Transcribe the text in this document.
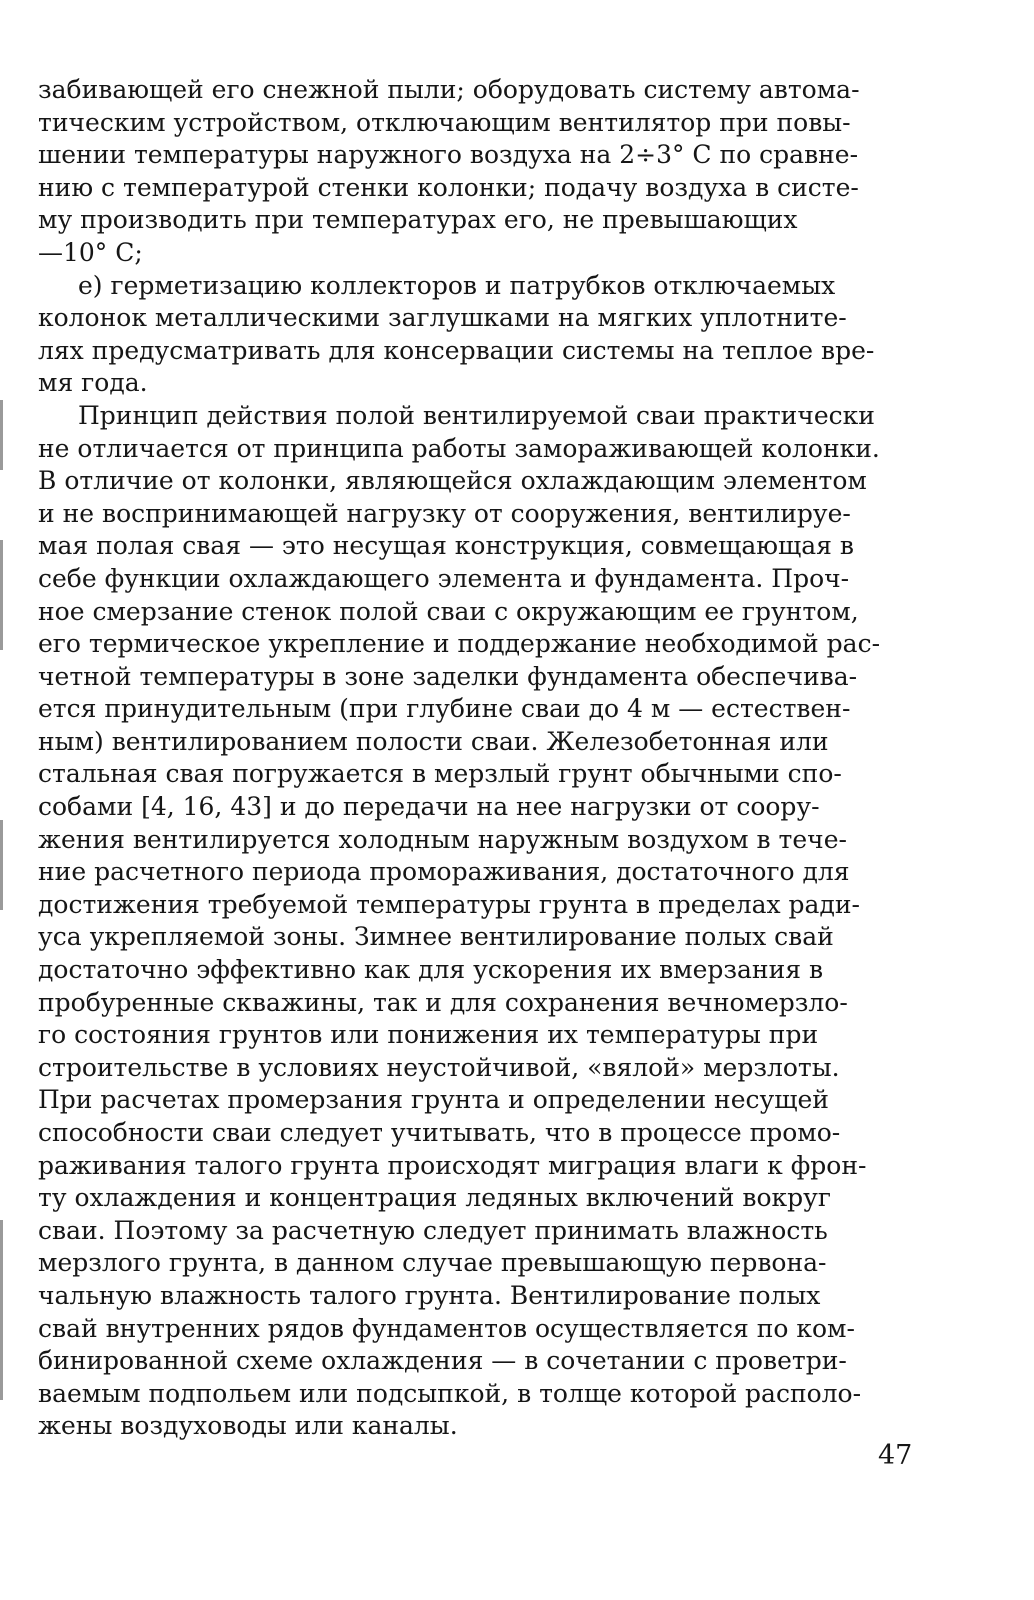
забивающей его снежной пыли; оборудовать систему автома-
тическим устройством, отключающим вентилятор при повы-
шении температуры наружного воздуха на 2÷3° С по сравне-
нию с температурой стенки колонки; подачу воздуха в систе-
му производить при температурах его, не превышающих
—10° С;
е) герметизацию коллекторов и патрубков отключаемых
колонок металлическими заглушками на мягких уплотните-
лях предусматривать для консервации системы на теплое вре-
мя года.
Принцип действия полой вентилируемой сваи практически
не отличается от принципа работы замораживающей колонки.
В отличие от колонки, являющейся охлаждающим элементом
и не воспринимающей нагрузку от сооружения, вентилируе-
мая полая свая — это несущая конструкция, совмещающая в
себе функции охлаждающего элемента и фундамента. Проч-
ное смерзание стенок полой сваи с окружающим ее грунтом,
его термическое укрепление и поддержание необходимой рас-
четной температуры в зоне заделки фундамента обеспечива-
ется принудительным (при глубине сваи до 4 м — естествен-
ным) вентилированием полости сваи. Железобетонная или
стальная свая погружается в мерзлый грунт обычными спо-
собами [4, 16, 43] и до передачи на нее нагрузки от соору-
жения вентилируется холодным наружным воздухом в тече-
ние расчетного периода промораживания, достаточного для
достижения требуемой температуры грунта в пределах ради-
уса укрепляемой зоны. Зимнее вентилирование полых свай
достаточно эффективно как для ускорения их вмерзания в
пробуренные скважины, так и для сохранения вечномерзло-
го состояния грунтов или понижения их температуры при
строительстве в условиях неустойчивой, «вялой» мерзлоты.
При расчетах промерзания грунта и определении несущей
способности сваи следует учитывать, что в процессе промо-
раживания талого грунта происходят миграция влаги к фрон-
ту охлаждения и концентрация ледяных включений вокруг
сваи. Поэтому за расчетную следует принимать влажность
мерзлого грунта, в данном случае превышающую первона-
чальную влажность талого грунта. Вентилирование полых
свай внутренних рядов фундаментов осуществляется по ком-
бинированной схеме охлаждения — в сочетании с проветри-
ваемым подпольем или подсыпкой, в толще которой располо-
жены воздуховоды или каналы.
47
